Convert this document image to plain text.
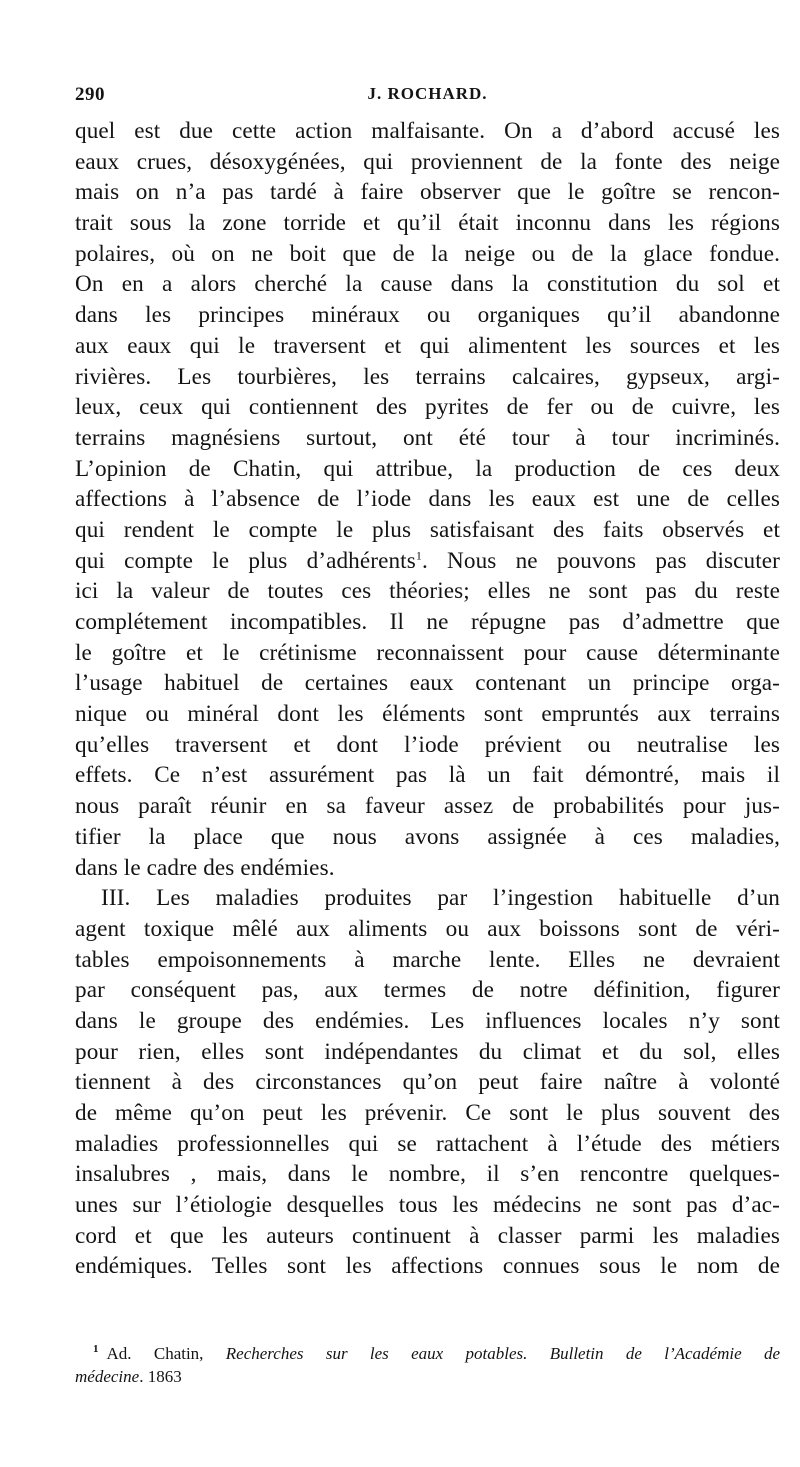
290	J. ROCHARD.
quel est due cette action malfaisante. On a d’abord accusé les
eaux crues, désoxygénées, qui proviennent de la fonte des neige
mais on n’a pas tardé à faire observer que le goître se rencon-
trait sous la zone torride et qu’il était inconnu dans les régions
polaires, où on ne boit que de la neige ou de la glace fondue.
On en a alors cherché la cause dans la constitution du sol et
dans les principes minéraux ou organiques qu’il abandonne
aux eaux qui le traversent et qui alimentent les sources et les
rivières. Les tourbières, les terrains calcaires, gypseux, argi-
leux, ceux qui contiennent des pyrites de fer ou de cuivre, les
terrains magnésiens surtout, ont été tour à tour incriminés.
L’opinion de Chatin, qui attribue, la production de ces deux
affections à l’absence de l’iode dans les eaux est une de celles
qui rendent le compte le plus satisfaisant des faits observés et
qui compte le plus d’adhérents$^1$. Nous ne pouvons pas discuter
ici la valeur de toutes ces théories; elles ne sont pas du reste
complétement incompatibles. Il ne répugne pas d’admettre que
le goître et le crétinisme reconnaissent pour cause déterminante
l’usage habituel de certaines eaux contenant un principe orga-
nique ou minéral dont les éléments sont empruntés aux terrains
qu’elles traversent et dont l’iode prévient ou neutralise les
effets. Ce n’est assurément pas là un fait démontré, mais il
nous paraît réunir en sa faveur assez de probabilités pour jus-
tifier la place que nous avons assignée à ces maladies,
dans le cadre des endémies.
III. Les maladies produites par l’ingestion habituelle d’un
agent toxique mêlé aux aliments ou aux boissons sont de véri-
tables empoisonnements à marche lente. Elles ne devraient
par conséquent pas, aux termes de notre définition, figurer
dans le groupe des endémies. Les influences locales n’y sont
pour rien, elles sont indépendantes du climat et du sol, elles
tiennent à des circonstances qu’on peut faire naître à volonté
de même qu’on peut les prévenir. Ce sont le plus souvent des
maladies professionnelles qui se rattachent à l’étude des métiers
insalubres , mais, dans le nombre, il s’en rencontre quelques-
unes sur l’étiologie desquelles tous les médecins ne sont pas d’ac-
cord et que les auteurs continuent à classer parmi les maladies
endémiques. Telles sont les affections connues sous le nom de
$^1$ Ad. Chatin, Recherches sur les eaux potables. Bulletin de l’Académie de
médecine. 1863
